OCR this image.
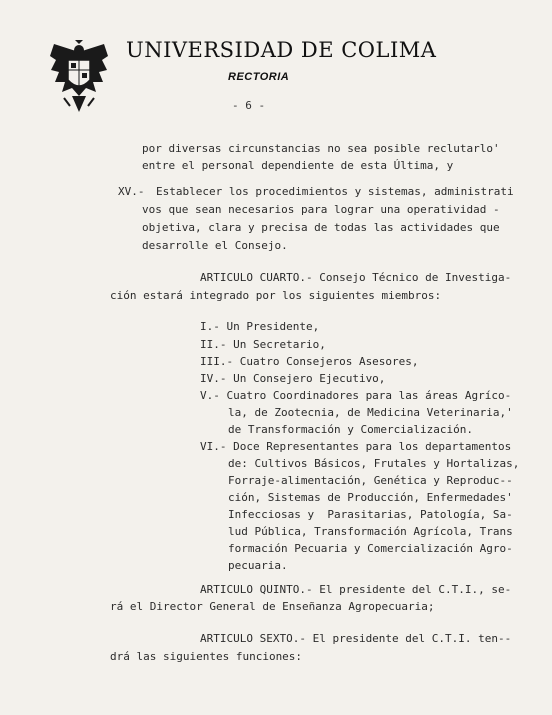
UNIVERSIDAD DE COLIMA
RECTORIA
- 6 -
por diversas circunstancias no sea posible reclutarlo'
entre el personal dependiente de esta Última, y
XV.- Establecer los procedimientos y sistemas, administrati
vos que sean necesarios para lograr una operatividad -
objetiva, clara y precisa de todas las actividades que
desarrolle el Consejo.
ARTICULO CUARTO.- Consejo Técnico de Investiga-
ción estará integrado por los siguientes miembros:
I.- Un Presidente,
II.- Un Secretario,
III.- Cuatro Consejeros Asesores,
IV.- Un Consejero Ejecutivo,
V.- Cuatro Coordinadores para las áreas Agríco-
la, de Zootecnia, de Medicina Veterinaria,'
de Transformación y Comercialización.
VI.- Doce Representantes para los departamentos
de: Cultivos Básicos, Frutales y Hortalizas,
Forraje-alimentación, Genética y Reproduc--
ción, Sistemas de Producción, Enfermedades'
Infecciosas y  Parasitarias, Patología, Sa-
lud Pública, Transformación Agrícola, Trans
formación Pecuaria y Comercialización Agro-
pecuaria.
ARTICULO QUINTO.- El presidente del C.T.I., se-
rá el Director General de Enseñanza Agropecuaria;
ARTICULO SEXTO.- El presidente del C.T.I. ten--
drá las siguientes funciones:
